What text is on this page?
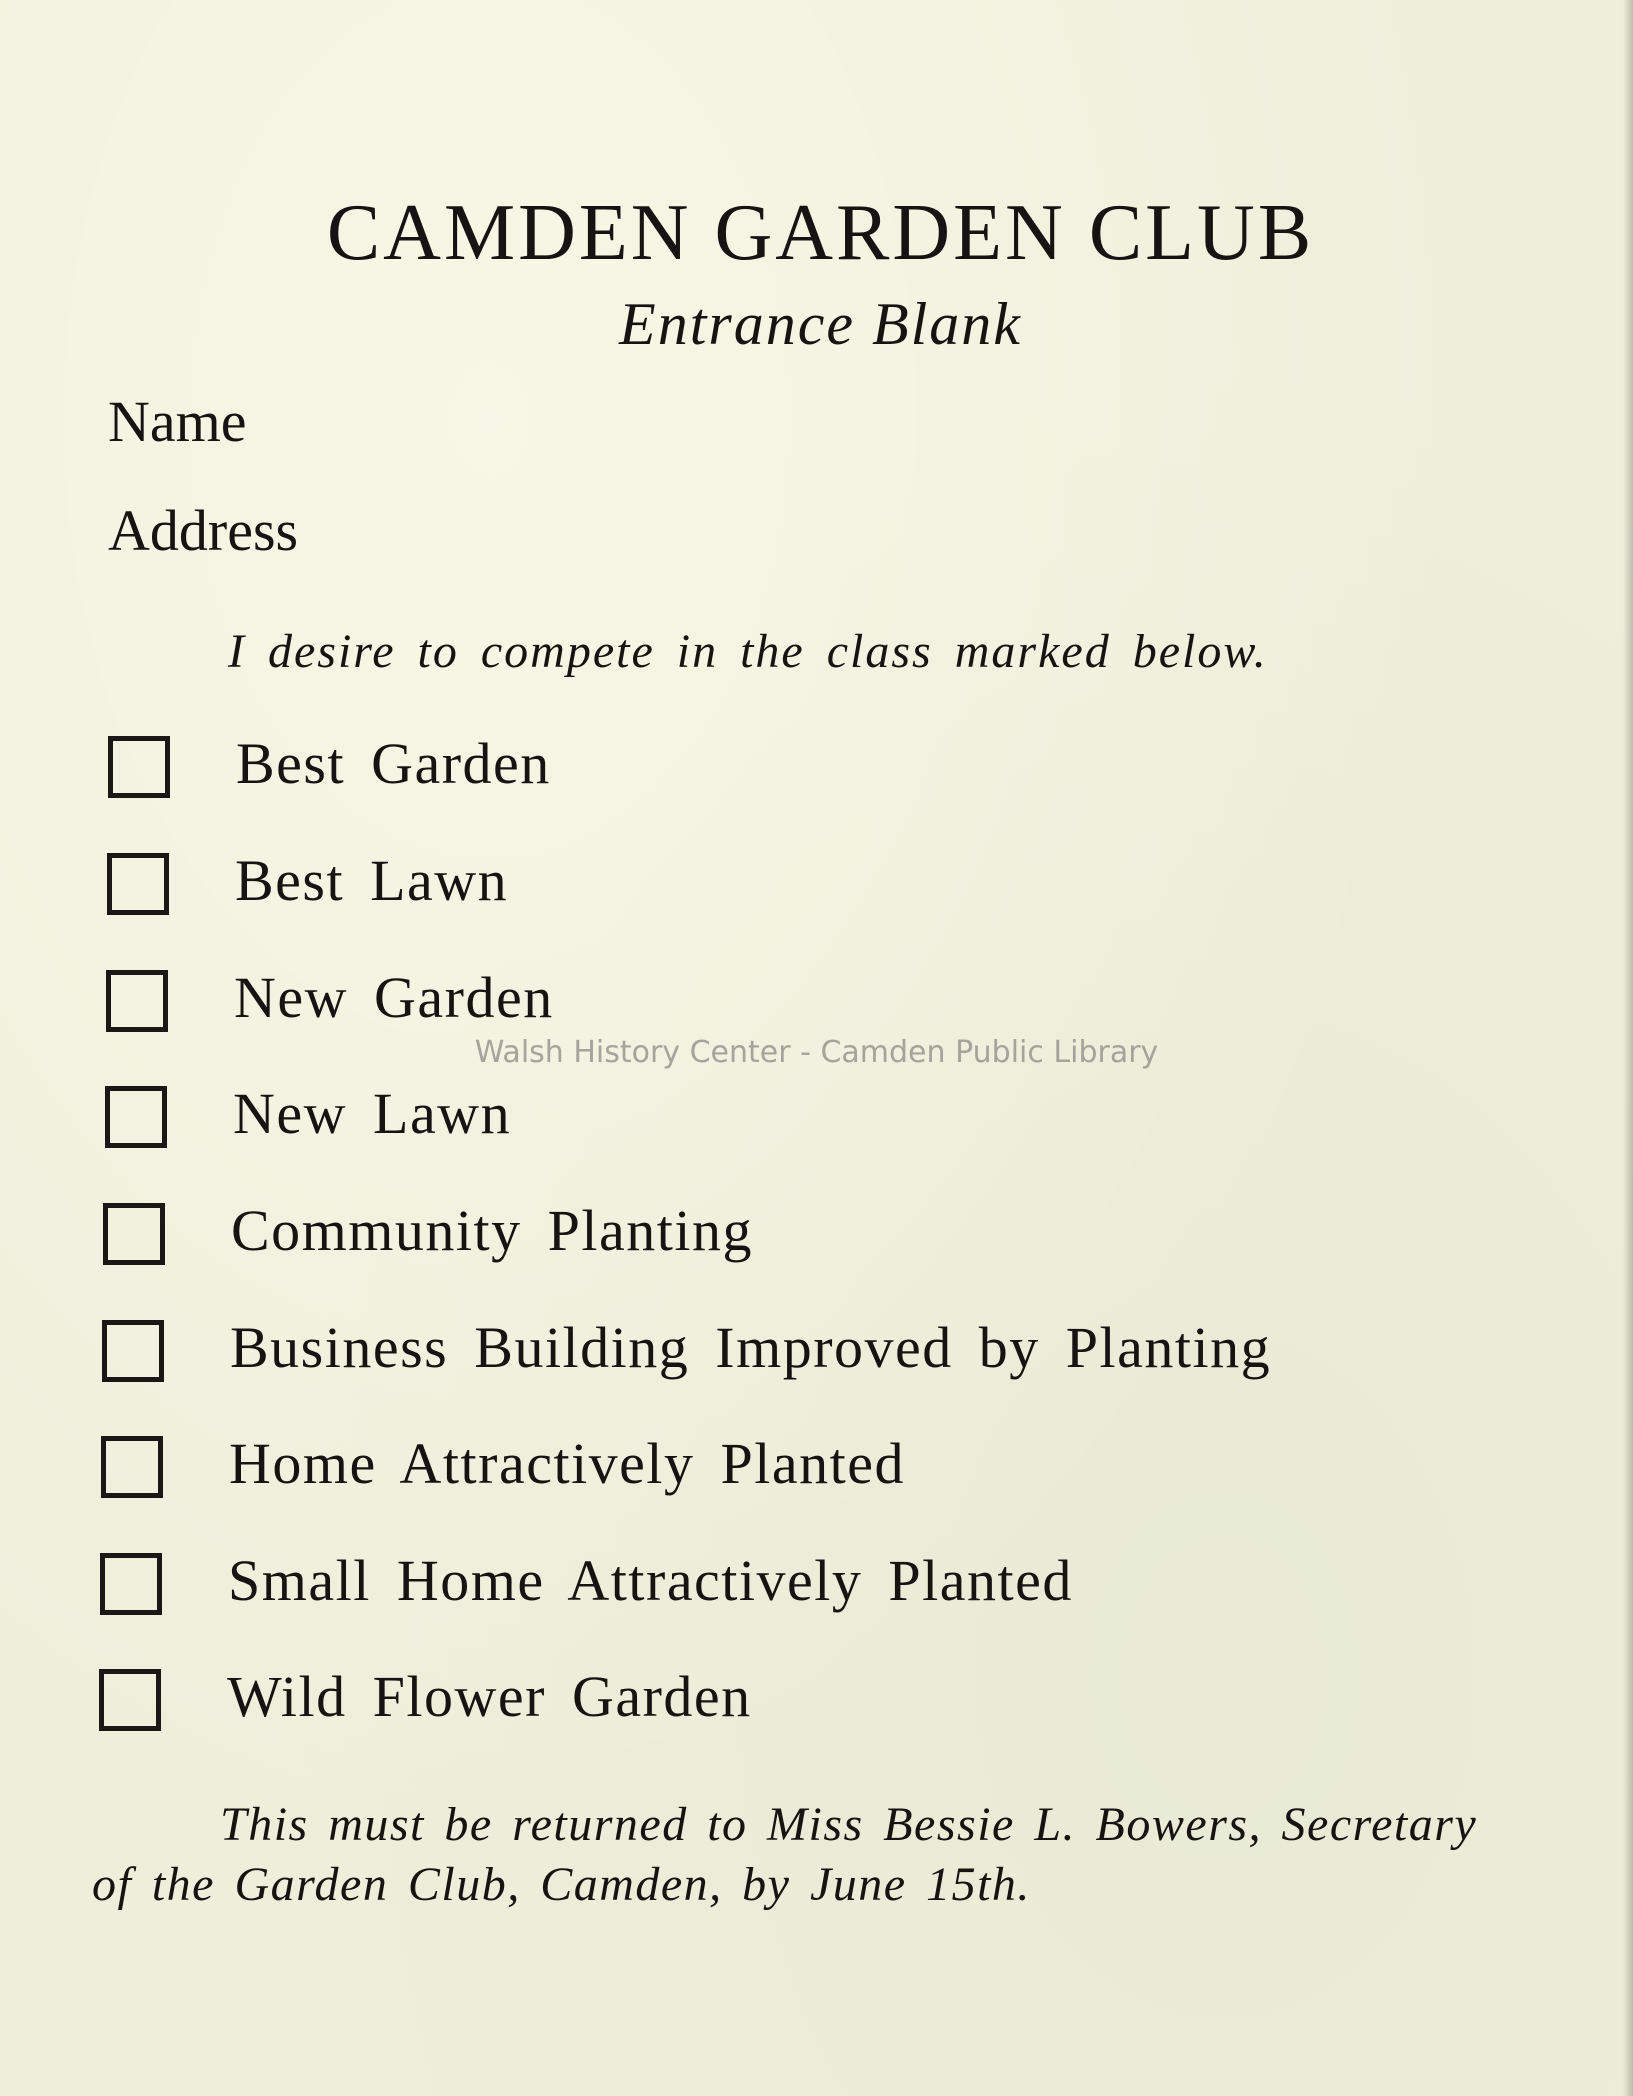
CAMDEN GARDEN CLUB
Entrance Blank
Name
Address
I desire to compete in the class marked below.
Best Garden
Best Lawn
New Garden
New Lawn
Community Planting
Business Building Improved by Planting
Home Attractively Planted
Small Home Attractively Planted
Wild Flower Garden
Walsh History Center - Camden Public Library
This must be returned to Miss Bessie L. Bowers, Secretary
of the Garden Club, Camden, by June 15th.
